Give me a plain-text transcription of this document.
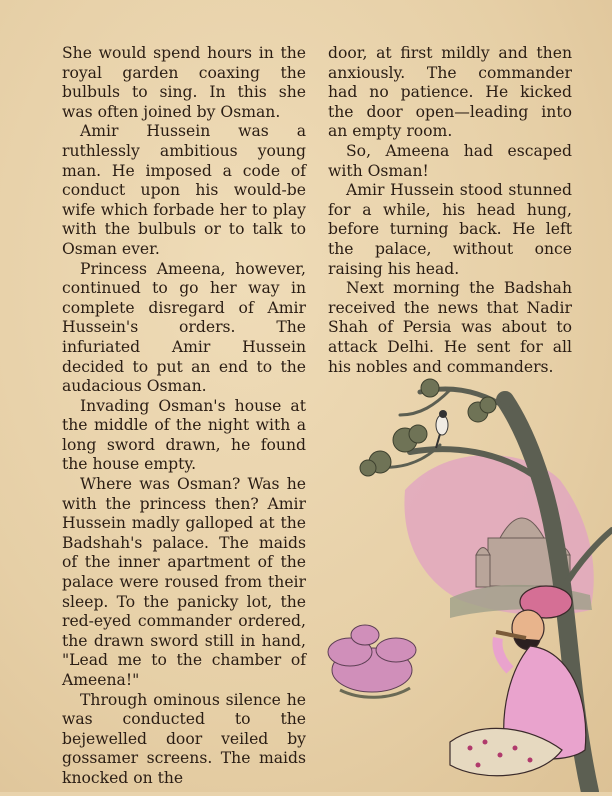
She would spend hours in the royal garden coaxing the bulbuls to sing. In this she was often joined by Osman.

Amir Hussein was a ruthlessly ambitious young man. He imposed a code of conduct upon his would-be wife which forbade her to play with the bulbuls or to talk to Osman ever.

Princess Ameena, however, continued to go her way in complete disregard of Amir Hussein's orders. The infuriated Amir Hussein decided to put an end to the audacious Osman.

Invading Osman's house at the middle of the night with a long sword drawn, he found the house empty.

Where was Osman? Was he with the princess then? Amir Hussein madly galloped at the Badshah's palace. The maids of the inner apartment of the palace were roused from their sleep. To the panicky lot, the red-eyed commander ordered, the drawn sword still in hand, "Lead me to the chamber of Ameena!"

Through ominous silence he was conducted to the bejewelled door veiled by gossamer screens. The maids knocked on the

door, at first mildly and then anxiously. The commander had no patience. He kicked the door open—leading into an empty room.

So, Ameena had escaped with Osman!

Amir Hussein stood stunned for a while, his head hung, before turning back. He left the palace, without once raising his head.

Next morning the Badshah received the news that Nadir Shah of Persia was about to attack Delhi. He sent for all his nobles and commanders.
